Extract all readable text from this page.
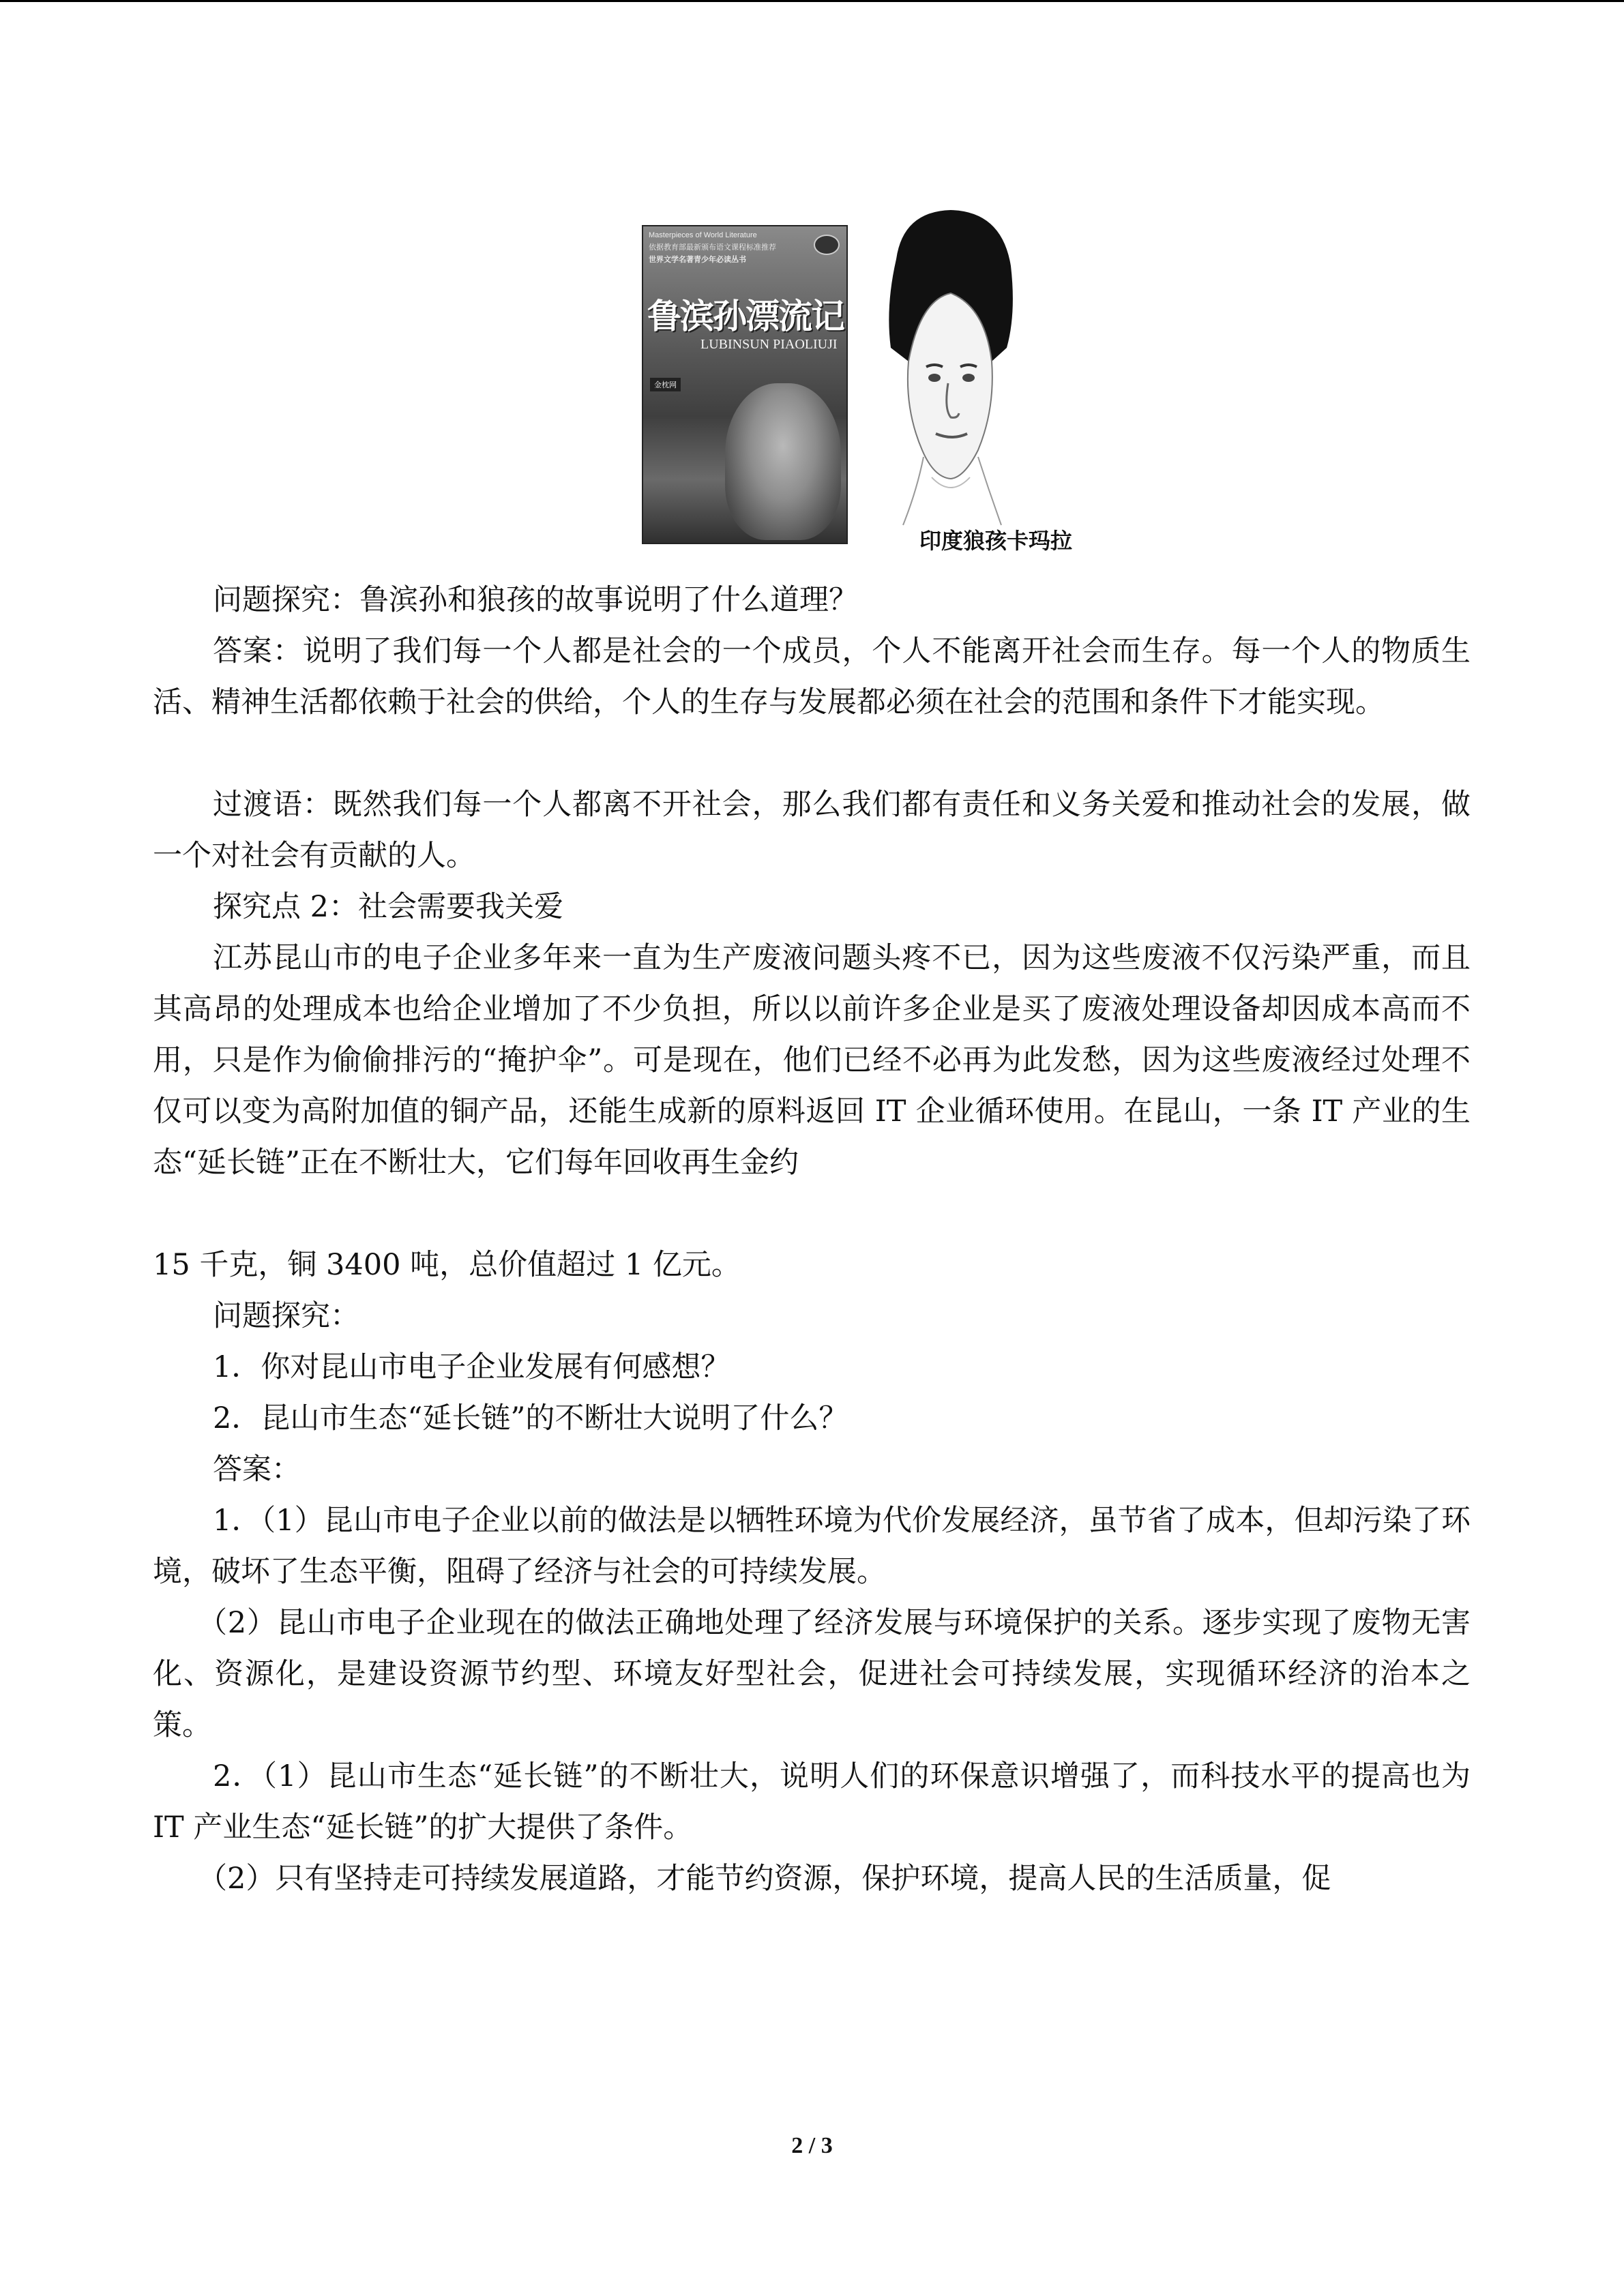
Masterpieces of World Literature
依据教育部最新颁布语文课程标准推荐
世界文学名著青少年必读丛书
鲁滨孙漂流记
LUBINSUN PIAOLIUJI
金枕网
印度狼孩卡玛拉

问题探究：鲁滨孙和狼孩的故事说明了什么道理？

答案：说明了我们每一个人都是社会的一个成员，个人不能离开社会而生存。每一个人的物质生活、精神生活都依赖于社会的供给，个人的生存与发展都必须在社会的范围和条件下才能实现。

过渡语：既然我们每一个人都离不开社会，那么我们都有责任和义务关爱和推动社会的发展，做一个对社会有贡献的人。

探究点 2：社会需要我关爱

江苏昆山市的电子企业多年来一直为生产废液问题头疼不已，因为这些废液不仅污染严重，而且其高昂的处理成本也给企业增加了不少负担，所以以前许多企业是买了废液处理设备却因成本高而不用，只是作为偷偷排污的“掩护伞”。可是现在，他们已经不必再为此发愁，因为这些废液经过处理不仅可以变为高附加值的铜产品，还能生成新的原料返回 IT 企业循环使用。在昆山，一条 IT 产业的生态“延长链”正在不断壮大，它们每年回收再生金约

15 千克，铜 3400 吨，总价值超过 1 亿元。

问题探究：

1．你对昆山市电子企业发展有何感想？

2．昆山市生态“延长链”的不断壮大说明了什么？

答案：

1．（1）昆山市电子企业以前的做法是以牺牲环境为代价发展经济，虽节省了成本，但却污染了环境，破坏了生态平衡，阻碍了经济与社会的可持续发展。

（2）昆山市电子企业现在的做法正确地处理了经济发展与环境保护的关系。逐步实现了废物无害化、资源化，是建设资源节约型、环境友好型社会，促进社会可持续发展，实现循环经济的治本之策。

2．（1）昆山市生态“延长链”的不断壮大，说明人们的环保意识增强了，而科技水平的提高也为 IT 产业生态“延长链”的扩大提供了条件。

（2）只有坚持走可持续发展道路，才能节约资源，保护环境，提高人民的生活质量，促

2 / 3
